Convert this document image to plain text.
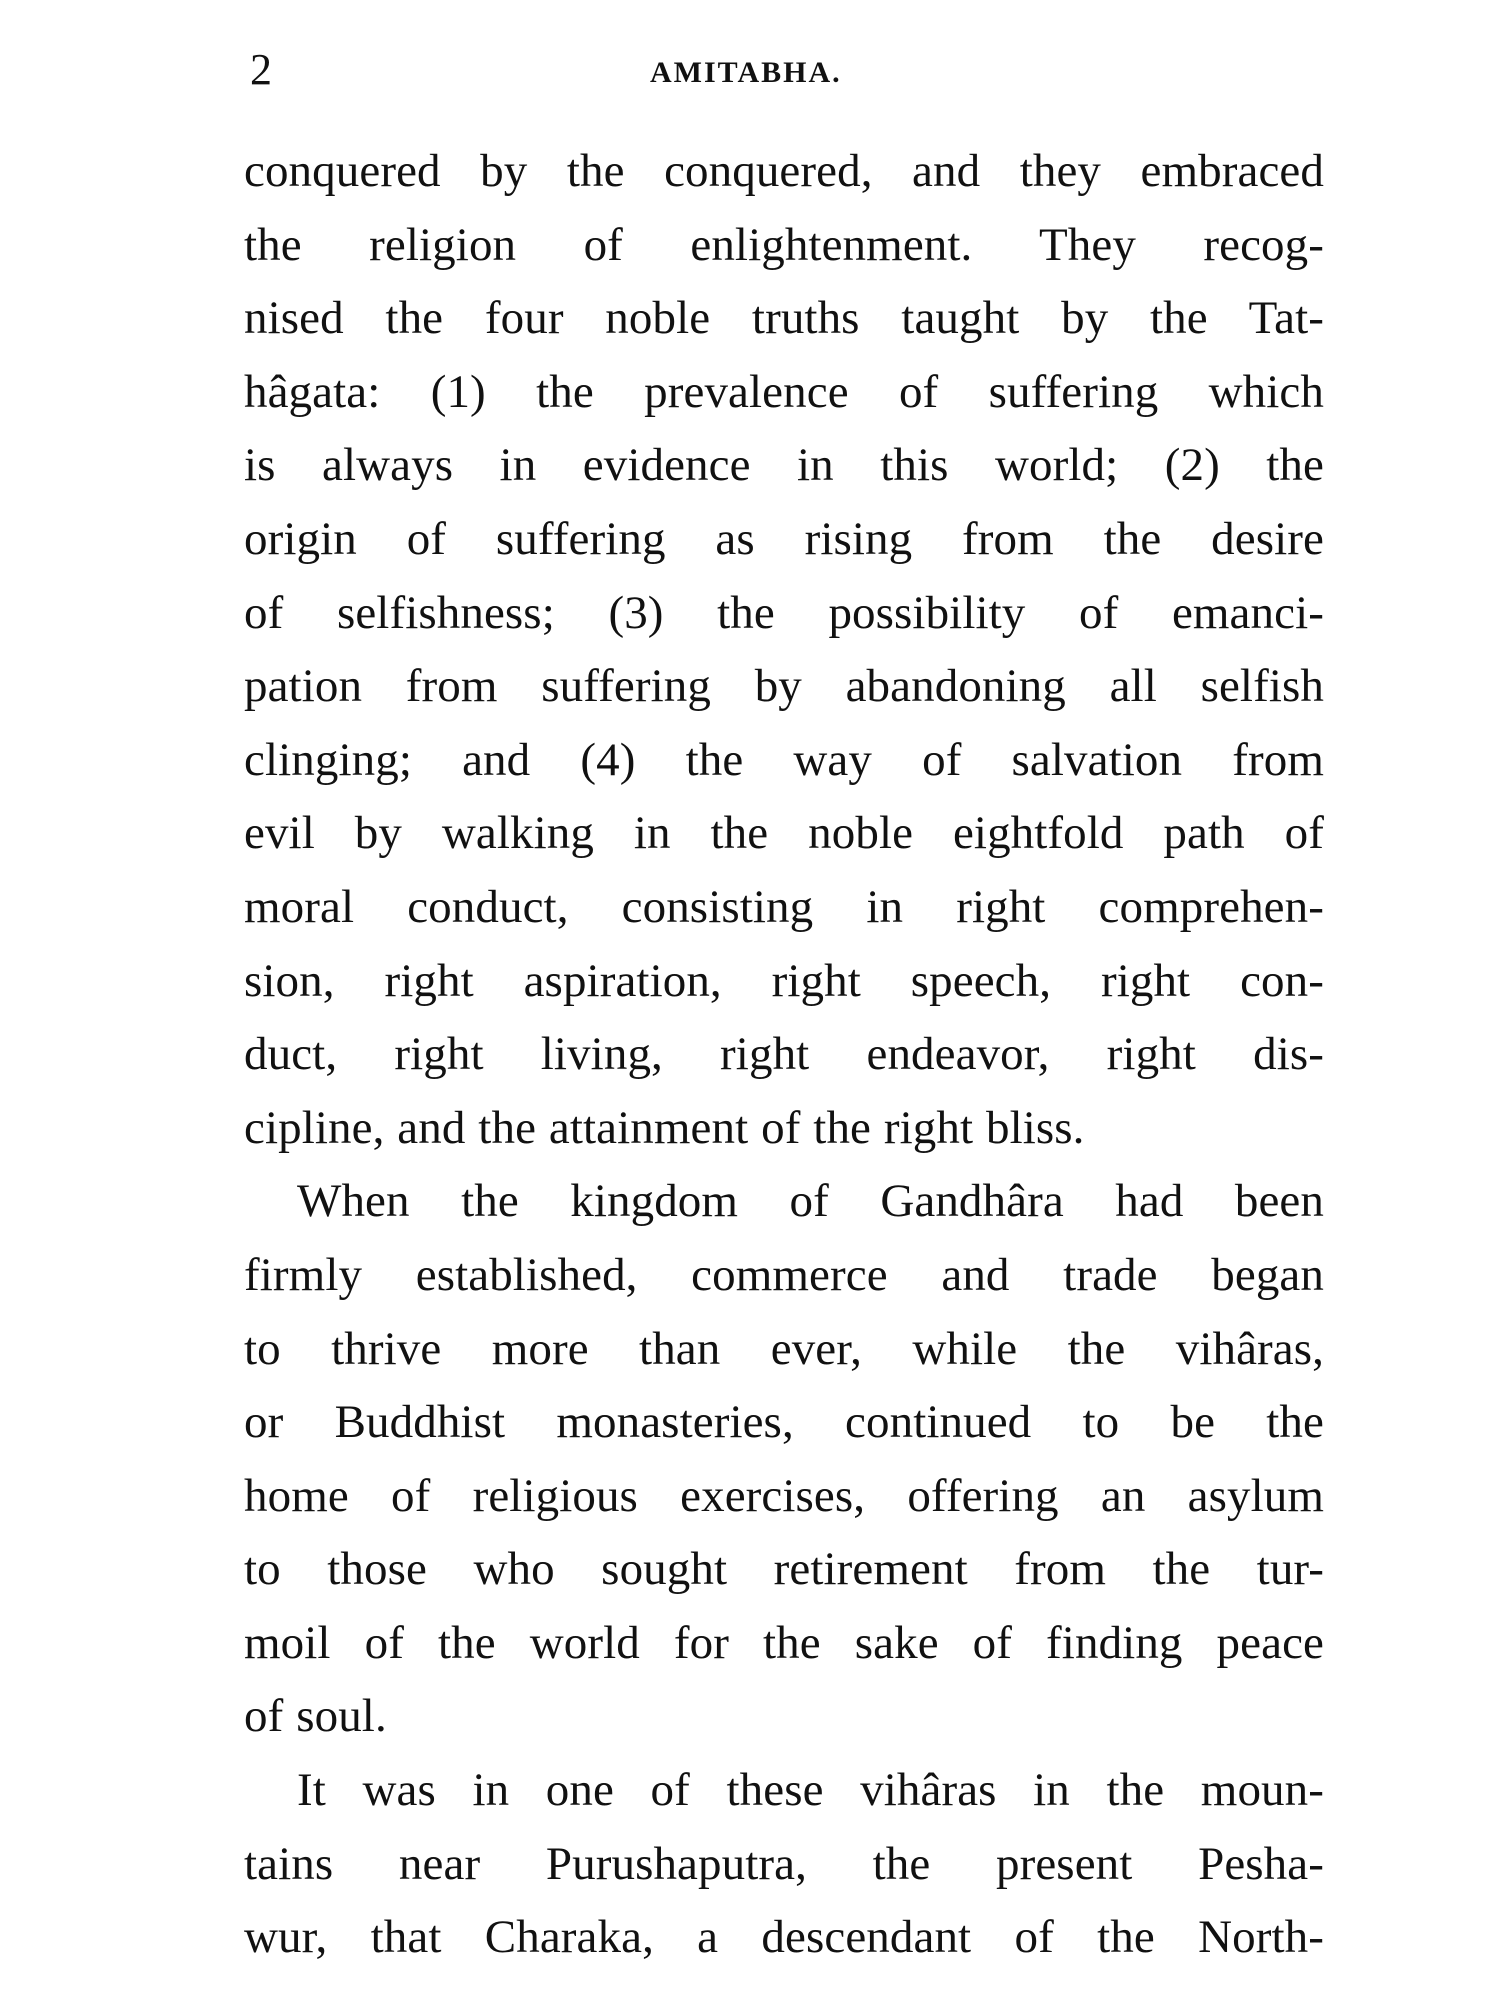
2	AMITABHA.
conquered by the conquered, and they embraced
the religion of enlightenment. They recog-
nised the four noble truths taught by the Tat-
hâgata: (1) the prevalence of suffering which
is always in evidence in this world; (2) the
origin of suffering as rising from the desire
of selfishness; (3) the possibility of emanci-
pation from suffering by abandoning all selfish
clinging; and (4) the way of salvation from
evil by walking in the noble eightfold path of
moral conduct, consisting in right comprehen-
sion, right aspiration, right speech, right con-
duct, right living, right endeavor, right dis-
cipline, and the attainment of the right bliss.
When the kingdom of Gandhâra had been
firmly established, commerce and trade began
to thrive more than ever, while the vihâras,
or Buddhist monasteries, continued to be the
home of religious exercises, offering an asylum
to those who sought retirement from the tur-
moil of the world for the sake of finding peace
of soul.
It was in one of these vihâras in the moun-
tains near Purushaputra, the present Pesha-
wur, that Charaka, a descendant of the North-
